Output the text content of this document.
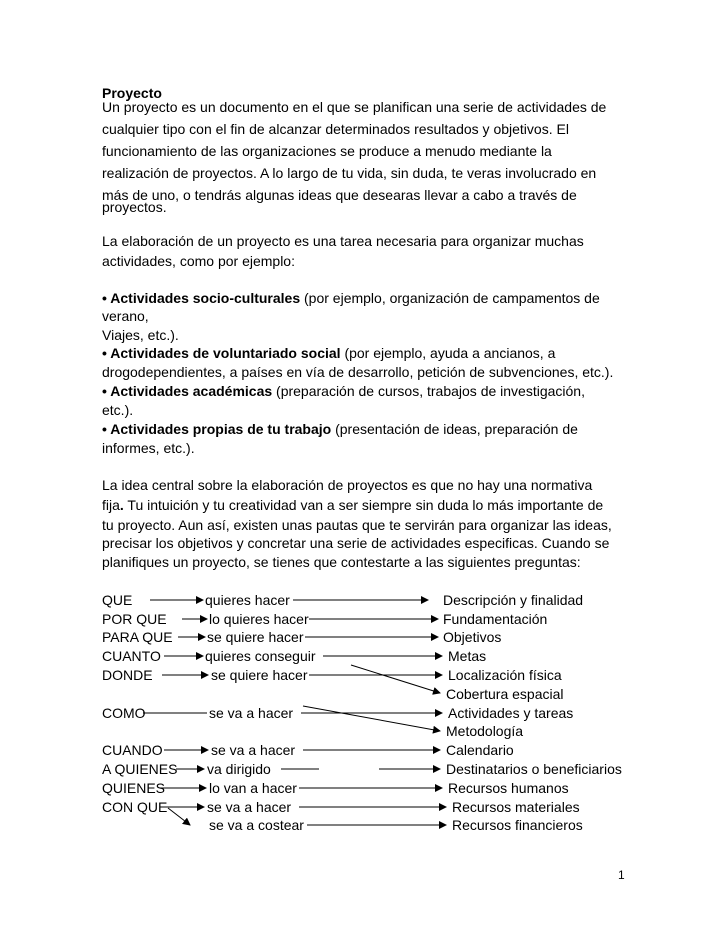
Proyecto
Un proyecto es un documento en el que se planifican una serie de actividades de
cualquier tipo con el fin de alcanzar determinados resultados y objetivos. El
funcionamiento de las organizaciones se produce a menudo mediante la
realización de proyectos. A lo largo de tu vida, sin duda, te veras involucrado en
más de uno, o tendrás algunas ideas que desearas llevar a cabo a través de
proyectos.
La elaboración de un proyecto es una tarea necesaria para organizar muchas
actividades, como por ejemplo:
• Actividades socio-culturales (por ejemplo, organización de campamentos de
verano,
Viajes, etc.).
• Actividades de voluntariado social (por ejemplo, ayuda a ancianos, a
drogodependientes, a países en vía de desarrollo, petición de subvenciones, etc.).
• Actividades académicas (preparación de cursos, trabajos de investigación,
etc.).
• Actividades propias de tu trabajo (presentación de ideas, preparación de
informes, etc.).
La idea central sobre la elaboración de proyectos es que no hay una normativa
fija. Tu intuición y tu creatividad van a ser siempre sin duda lo más importante de
tu proyecto. Aun así, existen unas pautas que te servirán para organizar las ideas,
precisar los objetivos y concretar una serie de actividades especificas. Cuando se
planifiques un proyecto, se tienes que contestarte a las siguientes preguntas:
QUE	quieres hacer	Descripción y finalidad
POR QUE	lo quieres hacer	Fundamentación
PARA QUE se quiere hacer	Objetivos
CUANTO	quieres conseguir	Metas
DONDE	se quiere hacer	Localización física
Cobertura espacial
COMO	se va a hacer	Actividades y tareas
Metodología
CUANDO	se va a hacer	Calendario
A QUIENES va dirigido	Destinatarios o beneficiarios
QUIENES	lo van a hacer	Recursos humanos
CON QUE	se va a hacer	Recursos materiales
se va a costear	Recursos financieros
1
